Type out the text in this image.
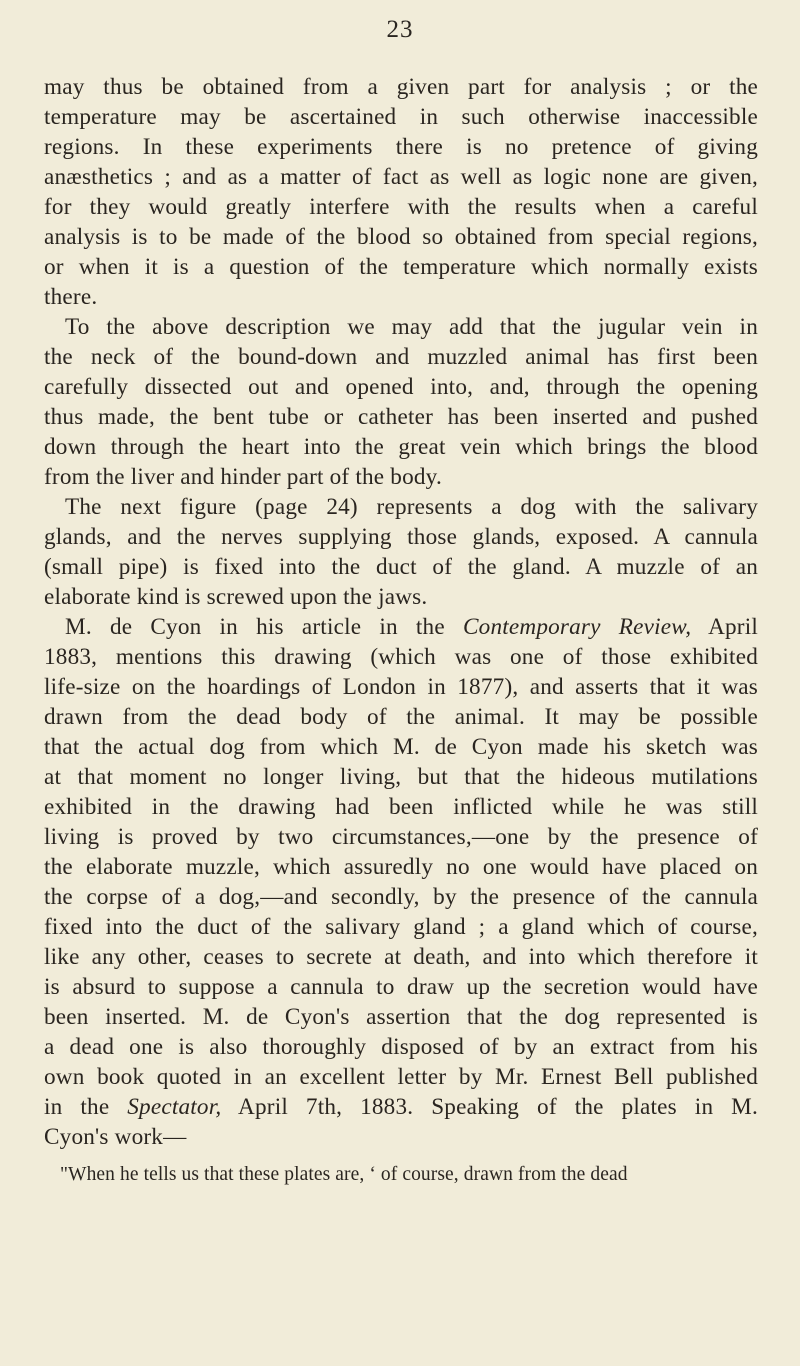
23
may thus be obtained from a given part for analysis ; or the
temperature may be ascertained in such otherwise inaccessible
regions. In these experiments there is no pretence of giving
anæsthetics ; and as a matter of fact as well as logic none are given,
for they would greatly interfere with the results when a careful
analysis is to be made of the blood so obtained from special regions,
or when it is a question of the temperature which normally exists
there.
To the above description we may add that the jugular vein in
the neck of the bound-down and muzzled animal has first been
carefully dissected out and opened into, and, through the opening
thus made, the bent tube or catheter has been inserted and pushed
down through the heart into the great vein which brings the blood
from the liver and hinder part of the body.
The next figure (page 24) represents a dog with the salivary
glands, and the nerves supplying those glands, exposed. A cannula
(small pipe) is fixed into the duct of the gland. A muzzle of an
elaborate kind is screwed upon the jaws.
M. de Cyon in his article in the Contemporary Review, April
1883, mentions this drawing (which was one of those exhibited
life-size on the hoardings of London in 1877), and asserts that it was
drawn from the dead body of the animal. It may be possible
that the actual dog from which M. de Cyon made his sketch was
at that moment no longer living, but that the hideous mutilations
exhibited in the drawing had been inflicted while he was still
living is proved by two circumstances,—one by the presence of
the elaborate muzzle, which assuredly no one would have placed on
the corpse of a dog,—and secondly, by the presence of the cannula
fixed into the duct of the salivary gland ; a gland which of course,
like any other, ceases to secrete at death, and into which therefore it
is absurd to suppose a cannula to draw up the secretion would have
been inserted. M. de Cyon's assertion that the dog represented is
a dead one is also thoroughly disposed of by an extract from his
own book quoted in an excellent letter by Mr. Ernest Bell published
in the Spectator, April 7th, 1883. Speaking of the plates in M.
Cyon's work—
"When he tells us that these plates are, ‘ of course, drawn from the dead
